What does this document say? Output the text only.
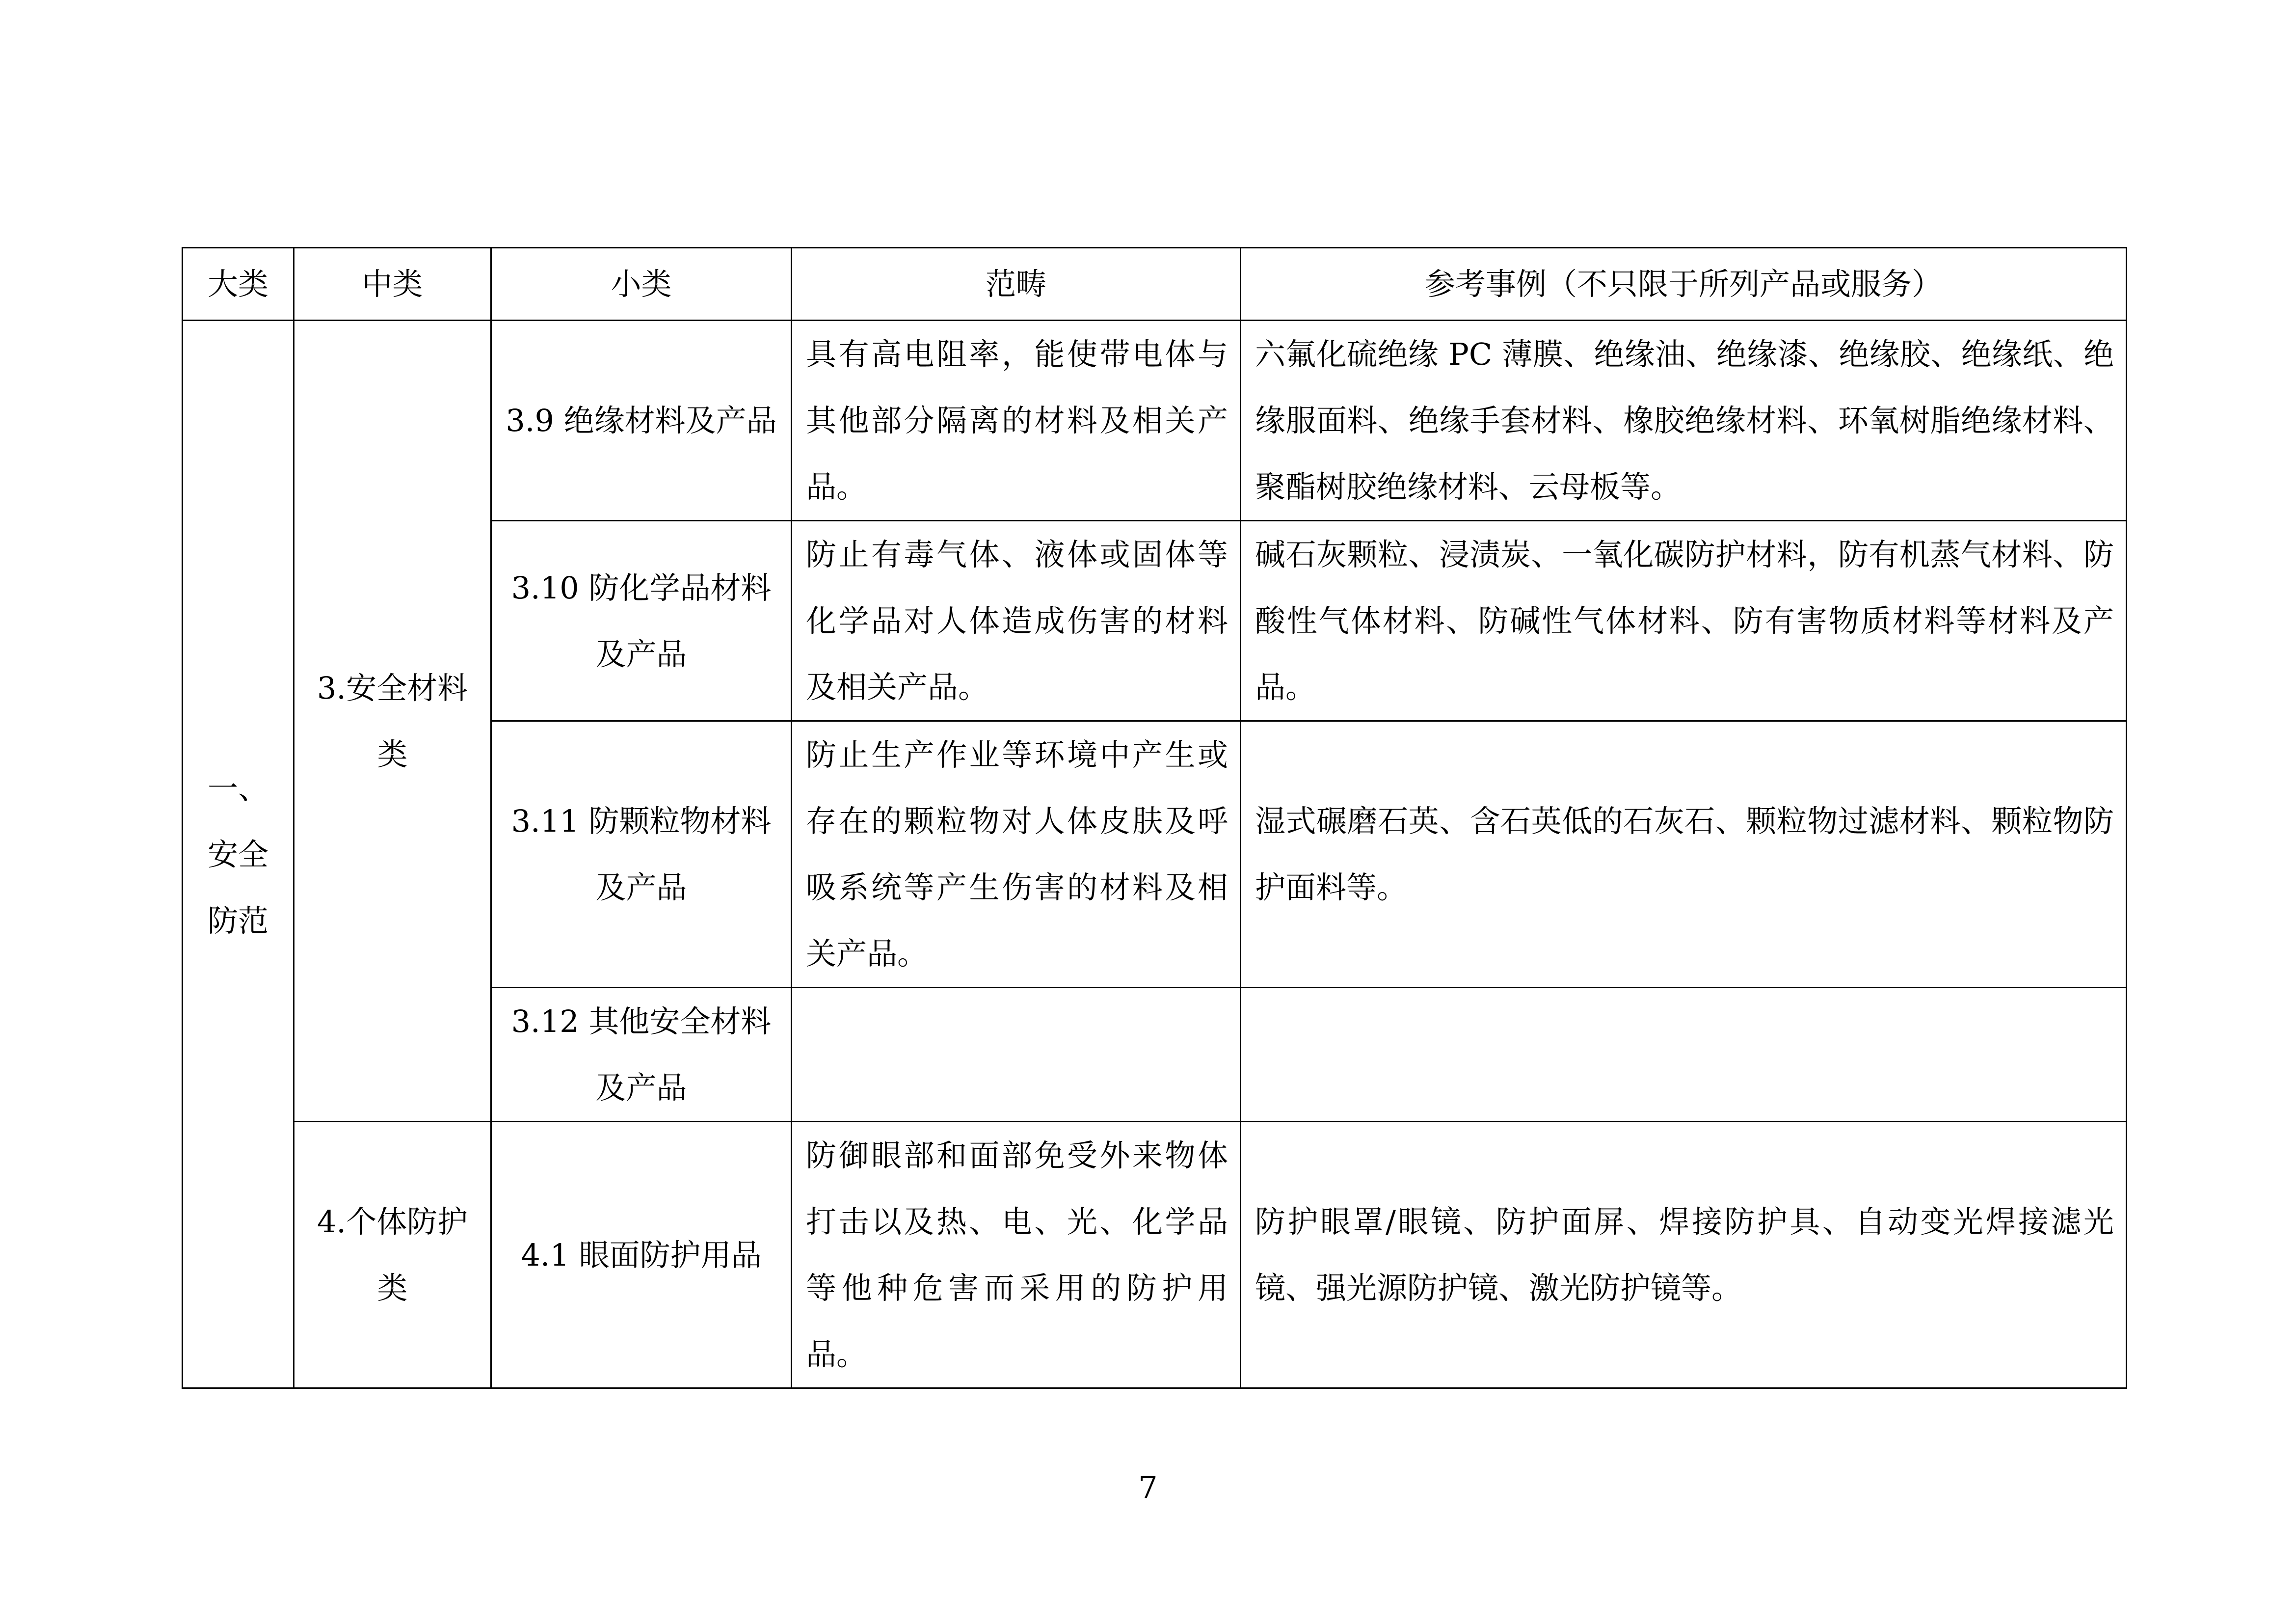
大类	中类	小类	范畴	参考事例（不只限于所列产品或服务）
一、安全防范	3.安全材料类	3.9 绝缘材料及产品	具有高电阻率，能使带电体与其他部分隔离的材料及相关产品。	六氟化硫绝缘 PC 薄膜、绝缘油、绝缘漆、绝缘胶、绝缘纸、绝缘服面料、绝缘手套材料、橡胶绝缘材料、环氧树脂绝缘材料、聚酯树胶绝缘材料、云母板等。
		3.10 防化学品材料及产品	防止有毒气体、液体或固体等化学品对人体造成伤害的材料及相关产品。	碱石灰颗粒、浸渍炭、一氧化碳防护材料，防有机蒸气材料、防酸性气体材料、防碱性气体材料、防有害物质材料等材料及产品。
		3.11 防颗粒物材料及产品	防止生产作业等环境中产生或存在的颗粒物对人体皮肤及呼吸系统等产生伤害的材料及相关产品。	湿式碾磨石英、含石英低的石灰石、颗粒物过滤材料、颗粒物防护面料等。
		3.12 其他安全材料及产品		
	4.个体防护类	4.1 眼面防护用品	防御眼部和面部免受外来物体打击以及热、电、光、化学品等他种危害而采用的防护用品。	防护眼罩/眼镜、防护面屏、焊接防护具、自动变光焊接滤光镜、强光源防护镜、激光防护镜等。
7
